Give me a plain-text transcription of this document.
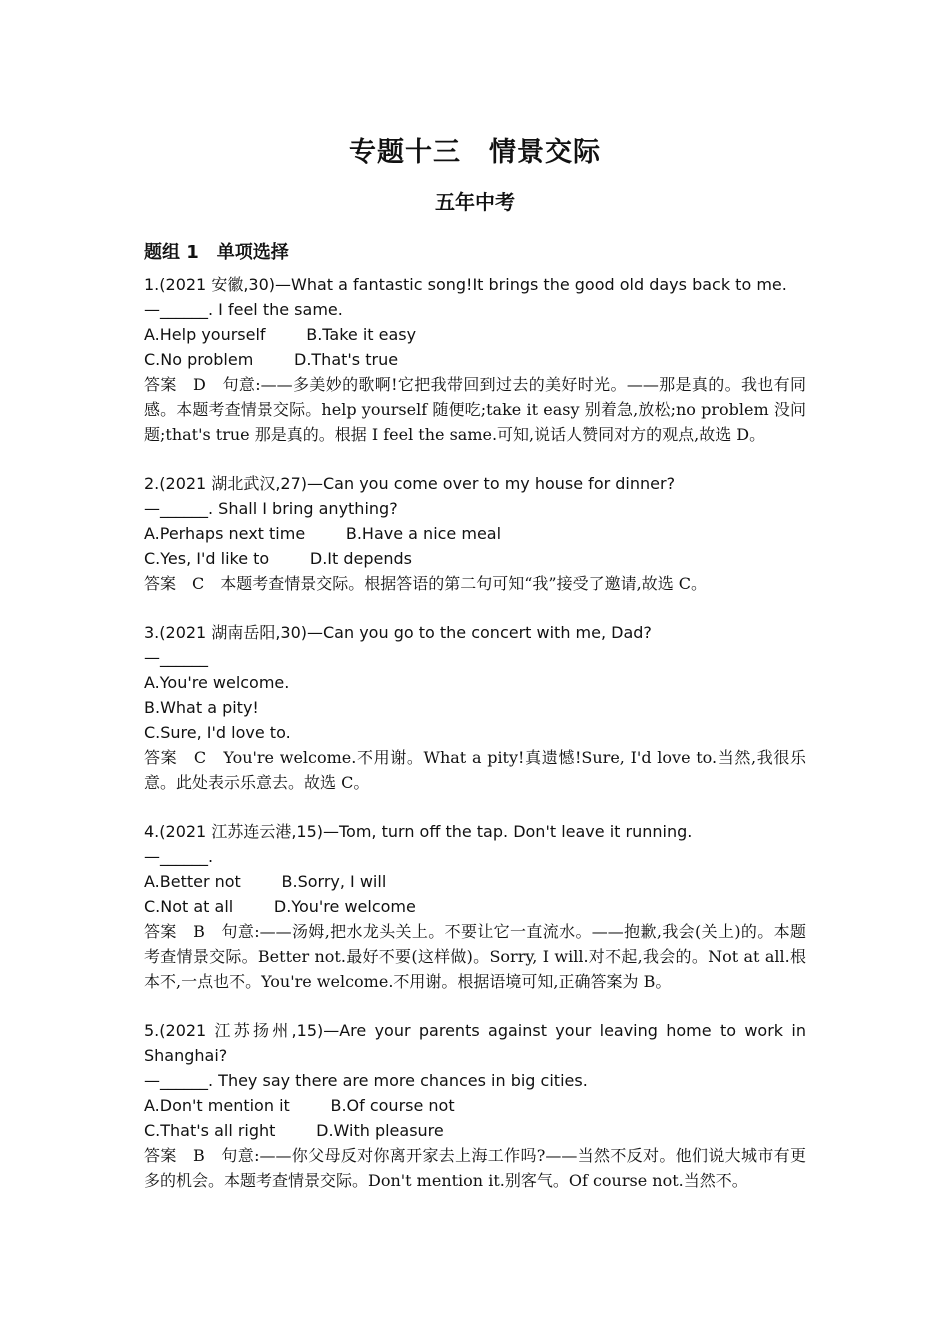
专题十三　情景交际
五年中考
题组 1　单项选择
1.(2021 安徽,30)—What a fantastic song!It brings the good old days back to me.
—______. I feel the same.
A.Help yourself        B.Take it easy
C.No problem        D.That's true
答案　D　句意:——多美妙的歌啊!它把我带回到过去的美好时光。——那是真的。我也有同感。本题考查情景交际。help yourself 随便吃;take it easy 别着急,放松;no problem 没问题;that's true 那是真的。根据 I feel the same.可知,说话人赞同对方的观点,故选 D。
2.(2021 湖北武汉,27)—Can you come over to my house for dinner?
—______. Shall I bring anything?
A.Perhaps next time        B.Have a nice meal
C.Yes, I'd like to        D.It depends
答案　C　本题考查情景交际。根据答语的第二句可知“我”接受了邀请,故选 C。
3.(2021 湖南岳阳,30)—Can you go to the concert with me, Dad?
—______
A.You're welcome.
B.What a pity!
C.Sure, I'd love to.
答案　C　You're welcome.不用谢。What a pity!真遗憾!Sure, I'd love to.当然,我很乐意。此处表示乐意去。故选 C。
4.(2021 江苏连云港,15)—Tom, turn off the tap. Don't leave it running.
—______.
A.Better not        B.Sorry, I will
C.Not at all        D.You're welcome
答案　B　句意:——汤姆,把水龙头关上。不要让它一直流水。——抱歉,我会(关上)的。本题考查情景交际。Better not.最好不要(这样做)。Sorry, I will.对不起,我会的。Not at all.根本不,一点也不。You're welcome.不用谢。根据语境可知,正确答案为 B。
5.(2021 江苏扬州,15)—Are your parents against your leaving home to work in Shanghai?
—______. They say there are more chances in big cities.
A.Don't mention it        B.Of course not
C.That's all right        D.With pleasure
答案　B　句意:——你父母反对你离开家去上海工作吗?——当然不反对。他们说大城市有更多的机会。本题考查情景交际。Don't mention it.别客气。Of course not.当然不。
